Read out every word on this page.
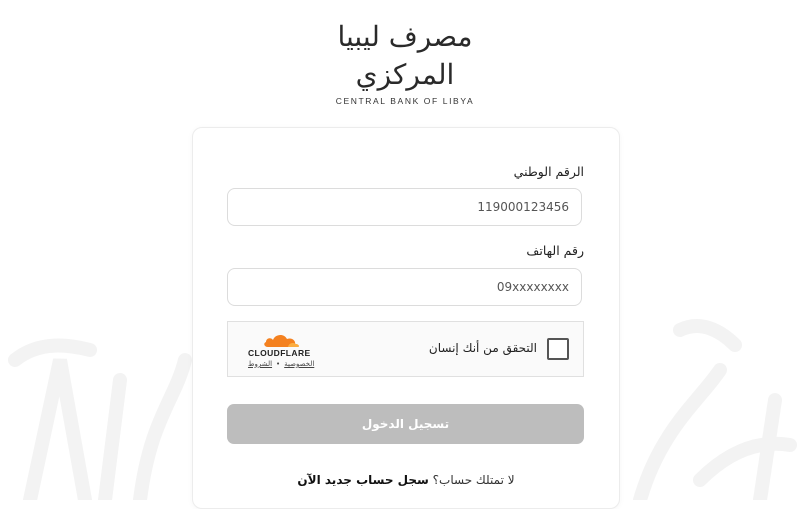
مصرف ليبيا المركزي
CENTRAL BANK OF LIBYA
الرقم الوطني
119000123456
رقم الهاتف
09xxxxxxxx
التحقق من أنك إنسان
CLOUDFLARE
الخصوصية•الشروط
تسجيل الدخول
لا تمتلك حساب؟ سجل حساب جديد الآن
